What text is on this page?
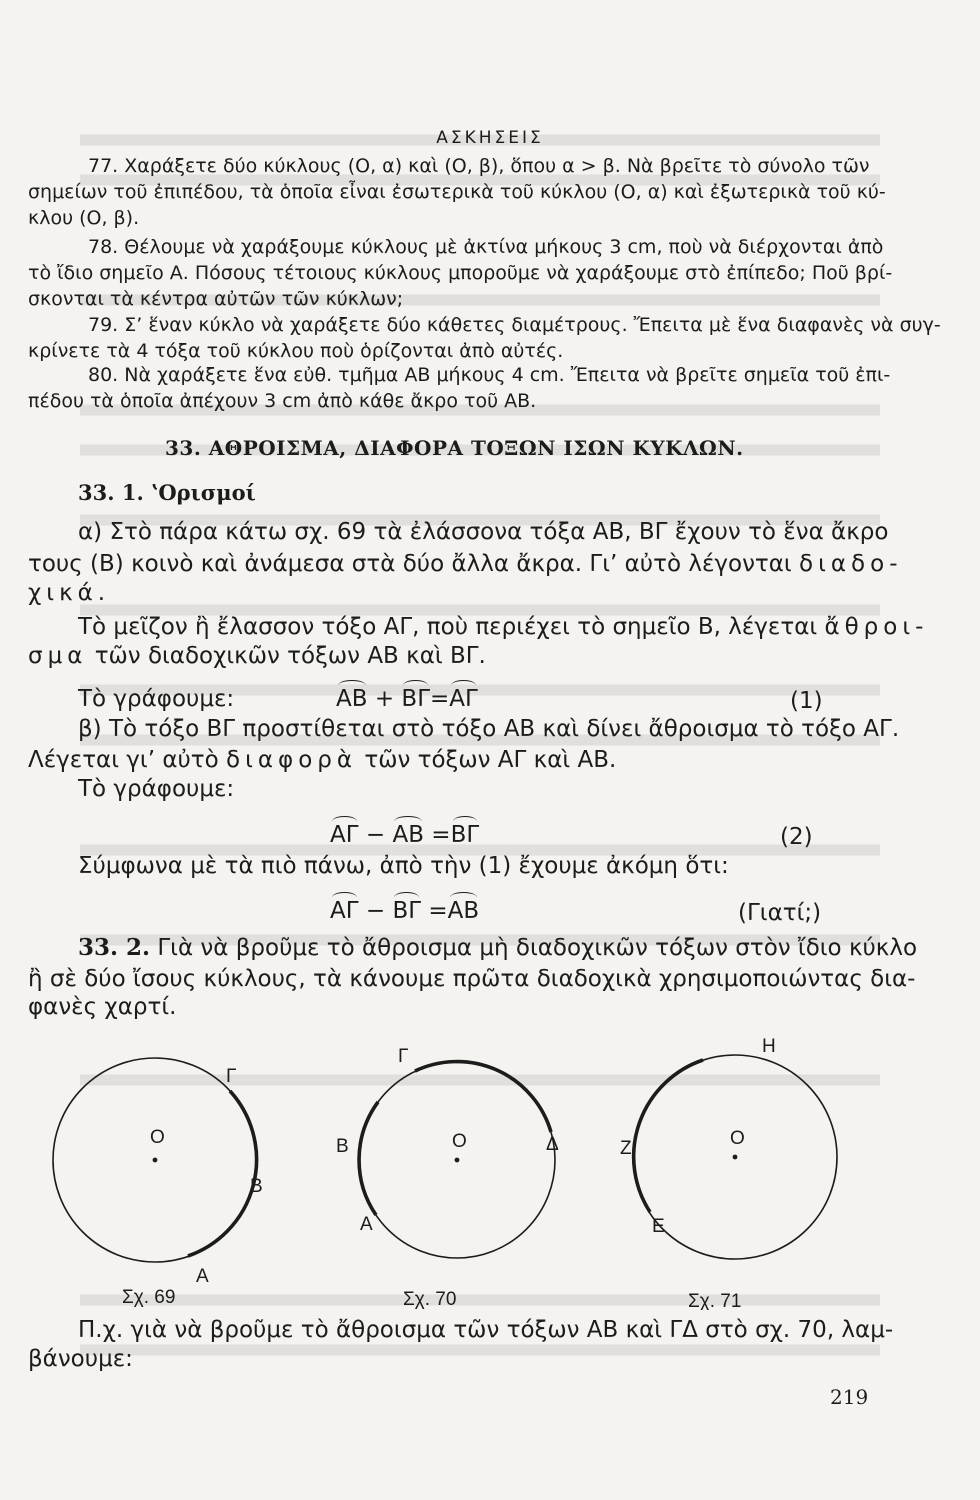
ΑΣΚΗΣΕΙΣ
77. Χαράξετε δύο κύκλους (Ο, α) καὶ (Ο, β), ὅπου α > β. Νὰ βρεῖτε τὸ σύνολο τῶν
σημείων τοῦ ἐπιπέδου, τὰ ὁποῖα εἶναι ἐσωτερικὰ τοῦ κύκλου (Ο, α) καὶ ἐξωτερικὰ τοῦ κύ-
κλου (Ο, β).
78. Θέλουμε νὰ χαράξουμε κύκλους μὲ ἀκτίνα μήκους 3 cm, ποὺ νὰ διέρχονται ἀπὸ
τὸ ἴδιο σημεῖο Α. Πόσους τέτοιους κύκλους μποροῦμε νὰ χαράξουμε στὸ ἐπίπεδο; Ποῦ βρί-
σκονται τὰ κέντρα αὐτῶν τῶν κύκλων;
79. Σ’ ἕναν κύκλο νὰ χαράξετε δύο κάθετες διαμέτρους. Ἔπειτα μὲ ἕνα διαφανὲς νὰ συγ-
κρίνετε τὰ 4 τόξα τοῦ κύκλου ποὺ ὁρίζονται ἀπὸ αὐτές.
80. Νὰ χαράξετε ἕνα εὐθ. τμῆμα ΑΒ μήκους 4 cm. Ἔπειτα νὰ βρεῖτε σημεῖα τοῦ ἐπι-
πέδου τὰ ὁποῖα ἀπέχουν 3 cm ἀπὸ κάθε ἄκρο τοῦ ΑΒ.
33. ΑΘΡΟΙΣΜΑ, ΔΙΑΦΟΡΑ ΤΟΞΩΝ ΙΣΩΝ ΚΥΚΛΩΝ.
33. 1. ʽΟρισμοί
α) Στὸ πάρα κάτω σχ. 69 τὰ ἐλάσσονα τόξα ΑΒ, ΒΓ ἔχουν τὸ ἕνα ἄκρο
τους (Β) κοινὸ καὶ ἀνάμεσα στὰ δύο ἄλλα ἄκρα. Γι’ αὐτὸ λέγονται διαδο-
χικά.
Τὸ μεῖζον ἢ ἔλασσον τόξο ΑΓ, ποὺ περιέχει τὸ σημεῖο Β, λέγεται ἄθροι-
σμα τῶν διαδοχικῶν τόξων ΑΒ καὶ ΒΓ.
Τὸ γράφουμε:	ΑΒ + ΒΓ=ΑΓ	(1)
β) Τὸ τόξο ΒΓ προστίθεται στὸ τόξο ΑΒ καὶ δίνει ἄθροισμα τὸ τόξο ΑΓ.
Λέγεται γι’ αὐτὸ διαφορὰ τῶν τόξων ΑΓ καὶ ΑΒ.
Τὸ γράφουμε:
ΑΓ − ΑΒ =ΒΓ	(2)
Σύμφωνα μὲ τὰ πιὸ πάνω, ἀπὸ τὴν (1) ἔχουμε ἀκόμη ὅτι:
ΑΓ − ΒΓ =ΑΒ	(Γιατί;)
33. 2. Γιὰ νὰ βροῦμε τὸ ἄθροισμα μὴ διαδοχικῶν τόξων στὸν ἴδιο κύκλο
ἢ σὲ δύο ἴσους κύκλους, τὰ κάνουμε πρῶτα διαδοχικὰ χρησιμοποιώντας δια-
φανὲς χαρτί.
Ο
Γ
Β
Α
Ο
Γ
Β	Δ
Α
Ο
Η
Ζ
Ε
Σχ. 69	Σχ. 70	Σχ. 71
Π.χ. γιὰ νὰ βροῦμε τὸ ἄθροισμα τῶν τόξων ΑΒ καὶ ΓΔ στὸ σχ. 70, λαμ-
βάνουμε:
219
